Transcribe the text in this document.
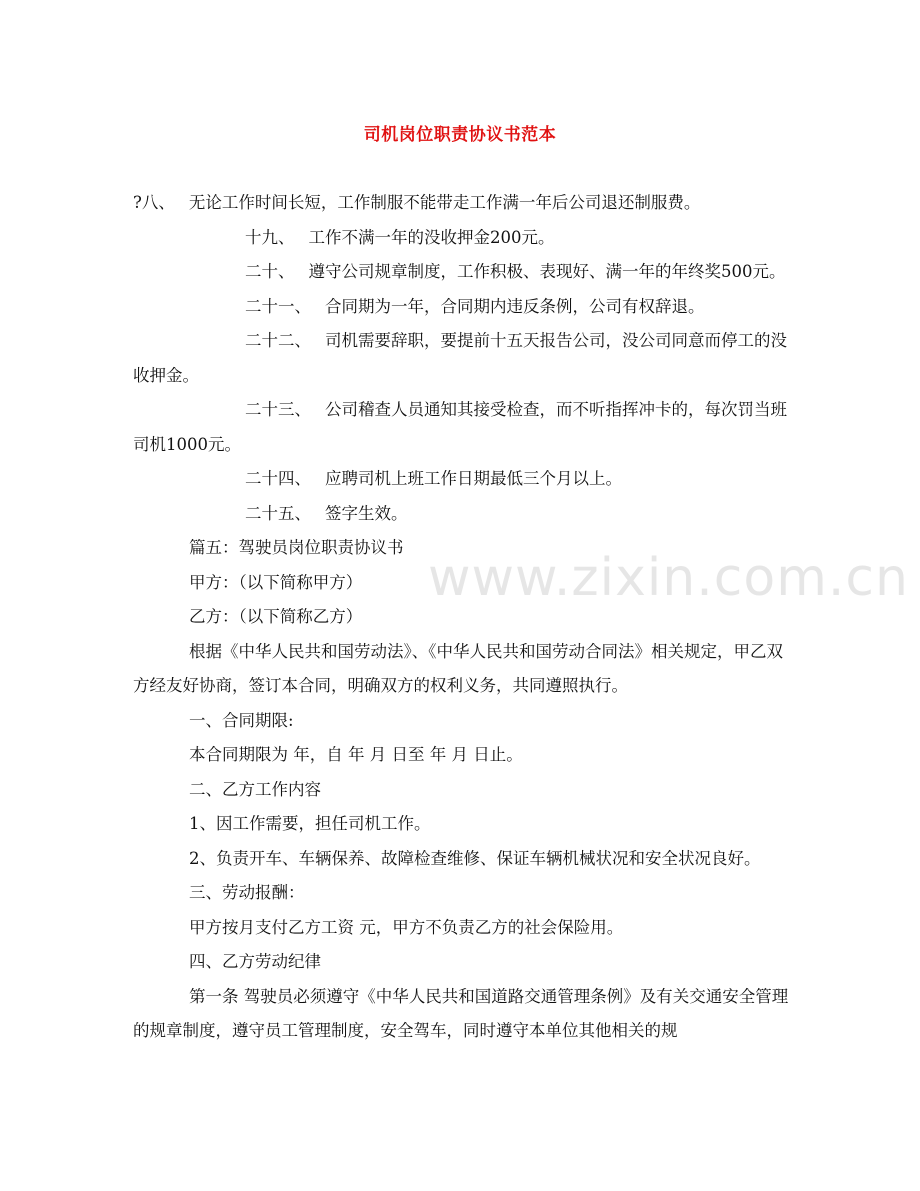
司机岗位职责协议书范本
www.zixin.com.cn

?八、 无论工作时间长短，工作制服不能带走工作满一年后公司退还制服费。

十九、 工作不满一年的没收押金200元。

二十、 遵守公司规章制度，工作积极、表现好、满一年的年终奖500元。

二十一、 合同期为一年，合同期内违反条例，公司有权辞退。

二十二、 司机需要辞职，要提前十五天报告公司，没公司同意而停工的没收押金。

二十三、 公司稽查人员通知其接受检查，而不听指挥冲卡的，每次罚当班司机1000元。

二十四、 应聘司机上班工作日期最低三个月以上。

二十五、 签字生效。

篇五：驾驶员岗位职责协议书

甲方：（以下简称甲方）

乙方：（以下简称乙方）

根据《中华人民共和国劳动法》、《中华人民共和国劳动合同法》相关规定，甲乙双方经友好协商，签订本合同，明确双方的权利义务，共同遵照执行。

一、合同期限:

本合同期限为 年，自 年 月 日至 年 月 日止。

二、乙方工作内容

1、因工作需要，担任司机工作。

2、负责开车、车辆保养、故障检查维修、保证车辆机械状况和安全状况良好。

三、劳动报酬：

甲方按月支付乙方工资 元，甲方不负责乙方的社会保险用。

四、乙方劳动纪律

第一条 驾驶员必须遵守《中华人民共和国道路交通管理条例》及有关交通安全管理的规章制度，遵守员工管理制度，安全驾车，同时遵守本单位其他相关的规
